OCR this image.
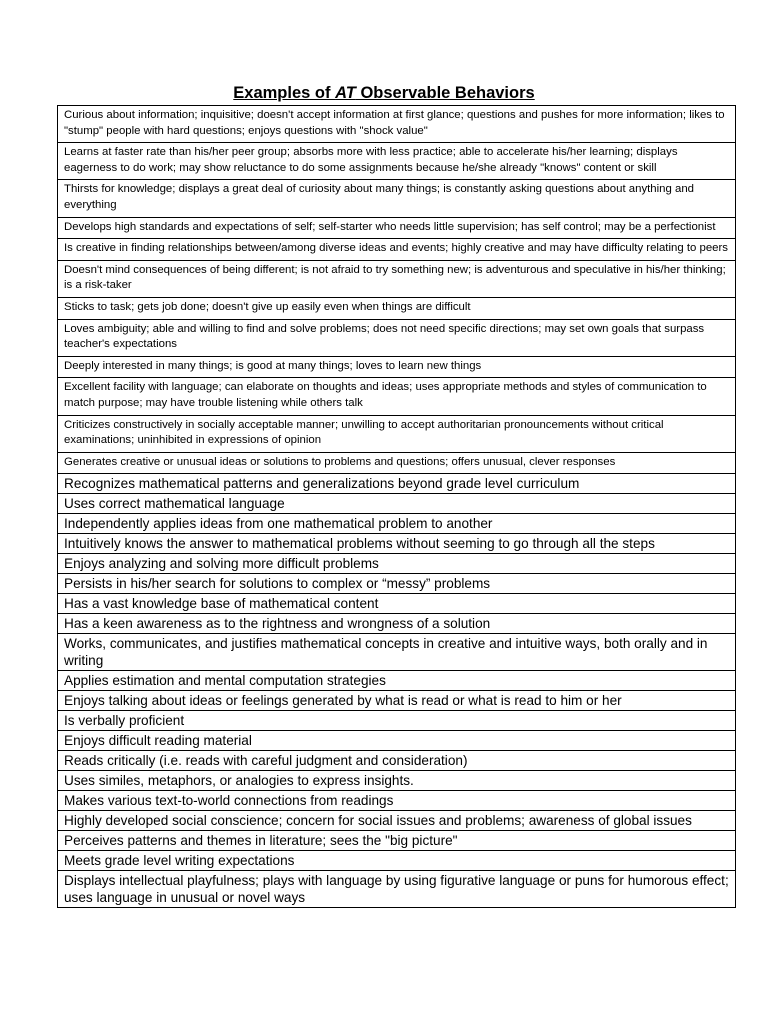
Examples of AT Observable Behaviors
Curious about information; inquisitive; doesn't accept information at first glance; questions and pushes for more information; likes to "stump" people with hard questions; enjoys questions with "shock value"
Learns at faster rate than his/her peer group; absorbs more with less practice; able to accelerate his/her learning; displays eagerness to do work; may show reluctance to do some assignments because he/she already "knows" content or skill
Thirsts for knowledge; displays a great deal of curiosity about many things; is constantly asking questions about anything and everything
Develops high standards and expectations of self; self-starter who needs little supervision; has self control; may be a perfectionist
Is creative in finding relationships between/among diverse ideas and events; highly creative and may have difficulty relating to peers
Doesn't mind consequences of being different; is not afraid to try something new; is adventurous and speculative in his/her thinking; is a risk-taker
Sticks to task; gets job done; doesn't give up easily even when things are difficult
Loves ambiguity; able and willing to find and solve problems; does not need specific directions; may set own goals that surpass teacher's expectations
Deeply interested in many things; is good at many things; loves to learn new things
Excellent facility with language; can elaborate on thoughts and ideas; uses appropriate methods and styles of communication to match purpose; may have trouble listening while others talk
Criticizes constructively in socially acceptable manner; unwilling to accept authoritarian pronouncements without critical examinations; uninhibited in expressions of opinion
Generates creative or unusual ideas or solutions to problems and questions; offers unusual, clever responses
Recognizes mathematical patterns and generalizations beyond grade level curriculum
Uses correct mathematical language
Independently applies ideas from one mathematical problem to another
Intuitively knows the answer to mathematical problems without seeming to go through all the steps
Enjoys analyzing and solving more difficult problems
Persists in his/her search for solutions to complex or “messy” problems
Has a vast knowledge base of mathematical content
Has a keen awareness as to the rightness and wrongness of a solution
Works, communicates, and justifies mathematical concepts in creative and intuitive ways, both orally and in writing
Applies estimation and mental computation strategies
Enjoys talking about ideas or feelings generated by what is read or what is read to him or her
Is verbally proficient
Enjoys difficult reading material
Reads critically (i.e. reads with careful judgment and consideration)
Uses similes, metaphors, or analogies to express insights.
Makes various text-to-world connections from readings
Highly developed social conscience; concern for social issues and problems; awareness of global issues
Perceives patterns and themes in literature; sees the "big picture"
Meets grade level writing expectations
Displays intellectual playfulness; plays with language by using figurative language or puns for humorous effect; uses language in unusual or novel ways
